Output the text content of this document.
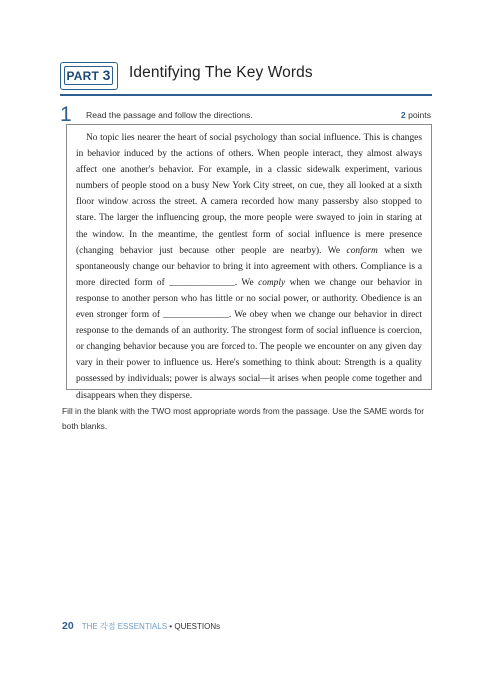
PART 3 Identifying The Key Words
1 Read the passage and follow the directions.	2 points

No topic lies nearer the heart of social psychology than social influence. This is changes in behavior induced by the actions of others. When people interact, they almost always affect one another's behavior. For example, in a classic sidewalk experiment, various numbers of people stood on a busy New York City street, on cue, they all looked at a sixth floor window across the street. A camera recorded how many passersby also stopped to stare. The larger the influencing group, the more people were swayed to join in staring at the window. In the meantime, the gentlest form of social influence is mere presence (changing behavior just because other people are nearby). We conform when we spontaneously change our behavior to bring it into agreement with others. Compliance is a more directed form of ______________. We comply when we change our behavior in response to another person who has little or no social power, or authority. Obedience is an even stronger form of ______________. We obey when we change our behavior in direct response to the demands of an authority. The strongest form of social influence is coercion, or changing behavior because you are forced to. The people we encounter on any given day vary in their power to influence us. Here's something to think about: Strength is a quality possessed by individuals; power is always social—it arises when people come together and disappears when they disperse.

Fill in the blank with the TWO most appropriate words from the passage. Use the SAME words for both blanks.
20 THE 각점 ESSENTIALS • QUESTIONs
